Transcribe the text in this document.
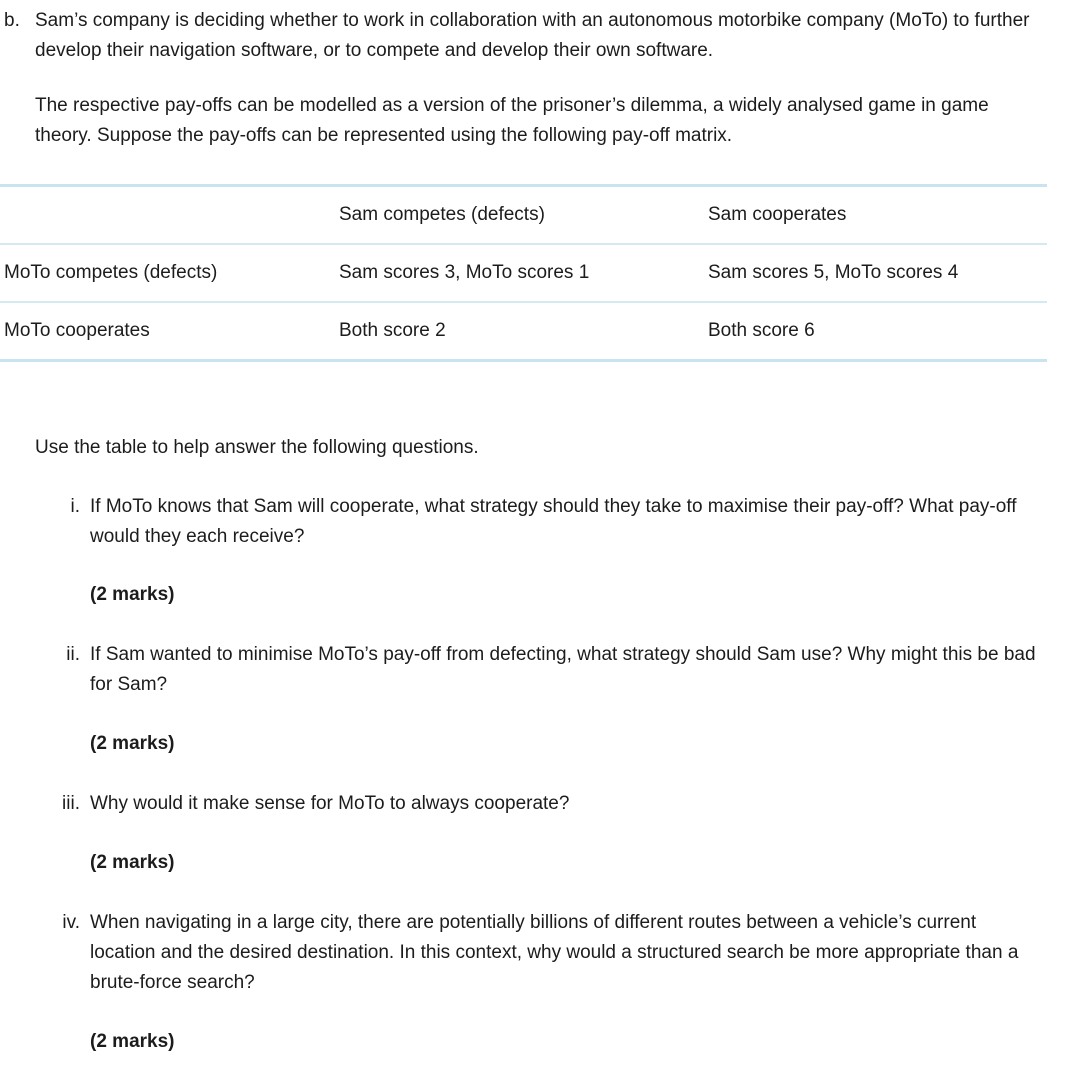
b. Sam’s company is deciding whether to work in collaboration with an autonomous motorbike company (MoTo) to further develop their navigation software, or to compete and develop their own software.

The respective pay-offs can be modelled as a version of the prisoner’s dilemma, a widely analysed game in game theory. Suppose the pay-offs can be represented using the following pay-off matrix.

	Sam competes (defects)	Sam cooperates
MoTo competes (defects)	Sam scores 3, MoTo scores 1	Sam scores 5, MoTo scores 4
MoTo cooperates	Both score 2	Both score 6

Use the table to help answer the following questions.

i. If MoTo knows that Sam will cooperate, what strategy should they take to maximise their pay-off? What pay-off would they each receive?

(2 marks)

ii. If Sam wanted to minimise MoTo’s pay-off from defecting, what strategy should Sam use? Why might this be bad for Sam?

(2 marks)

iii. Why would it make sense for MoTo to always cooperate?

(2 marks)

iv. When navigating in a large city, there are potentially billions of different routes between a vehicle’s current location and the desired destination. In this context, why would a structured search be more appropriate than a brute-force search?

(2 marks)
